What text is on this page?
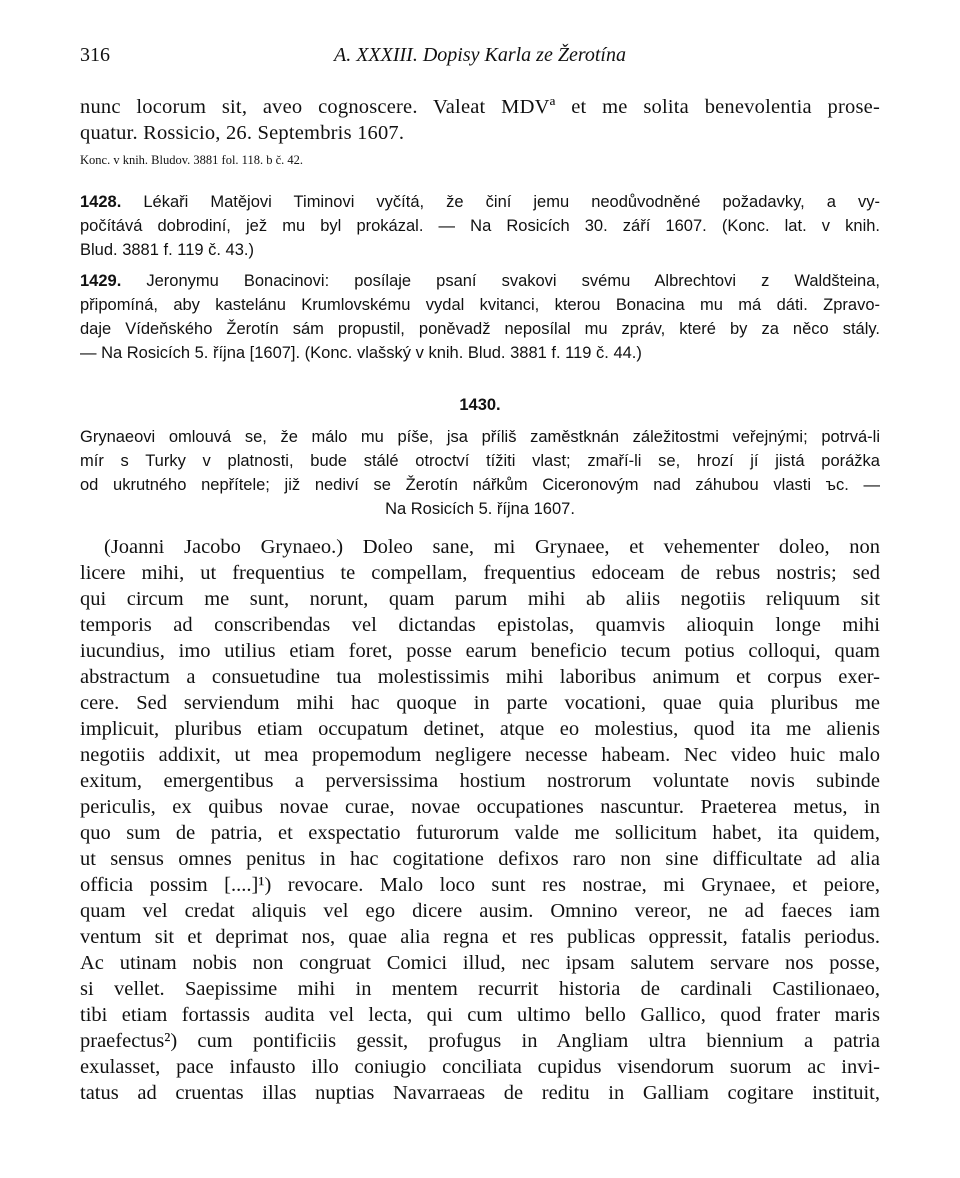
316	A. XXXIII. Dopisy Karla ze Žerotína
nunc locorum sit, aveo cognoscere. Valeat MDVª et me solita benevolentia prose-
quatur. Rossicio, 26. Septembris 1607.
Konc. v knih. Bludov. 3881 fol. 118. b č. 42.
1428. Lékaři Matějovi Timinovi vyčítá, že činí jemu neodůvodněné požadavky, a vy-
počítává dobrodiní, jež mu byl prokázal. — Na Rosicích 30. září 1607. (Konc. lat. v knih.
Blud. 3881 f. 119 č. 43.)
1429. Jeronymu Bonacinovi: posílaje psaní svakovi svému Albrechtovi z Waldšteina,
připomíná, aby kastelánu Krumlovskému vydal kvitanci, kterou Bonacina mu má dáti. Zpravo-
daje Vídeňského Žerotín sám propustil, poněvadž neposílal mu zpráv, které by za něco stály.
— Na Rosicích 5. října [1607]. (Konc. vlašský v knih. Blud. 3881 f. 119 č. 44.)
1430.
Grynaeovi omlouvá se, že málo mu píše, jsa příliš zaměstknán záležitostmi veřejnými; potrvá-li
mír s Turky v platnosti, bude stálé otroctví tížiti vlast; zmaří-li se, hrozí jí jistá porážka
od ukrutného nepřítele; již nediví se Žerotín nářkům Ciceronovým nad záhubou vlasti ъc. —
Na Rosicích 5. října 1607.
(Joanni Jacobo Grynaeo.) Doleo sane, mi Grynaee, et vehementer doleo, non
licere mihi, ut frequentius te compellam, frequentius edoceam de rebus nostris; sed
qui circum me sunt, norunt, quam parum mihi ab aliis negotiis reliquum sit
temporis ad conscribendas vel dictandas epistolas, quamvis alioquin longe mihi
iucundius, imo utilius etiam foret, posse earum beneficio tecum potius colloqui, quam
abstractum a consuetudine tua molestissimis mihi laboribus animum et corpus exer-
cere. Sed serviendum mihi hac quoque in parte vocationi, quae quia pluribus me
implicuit, pluribus etiam occupatum detinet, atque eo molestius, quod ita me alienis
negotiis addixit, ut mea propemodum negligere necesse habeam. Nec video huic malo
exitum, emergentibus a perversissima hostium nostrorum voluntate novis subinde
periculis, ex quibus novae curae, novae occupationes nascuntur. Praeterea metus, in
quo sum de patria, et exspectatio futurorum valde me sollicitum habet, ita quidem,
ut sensus omnes penitus in hac cogitatione defixos raro non sine difficultate ad alia
officia possim [....]¹) revocare. Malo loco sunt res nostrae, mi Grynaee, et peiore,
quam vel credat aliquis vel ego dicere ausim. Omnino vereor, ne ad faeces iam
ventum sit et deprimat nos, quae alia regna et res publicas oppressit, fatalis periodus.
Ac utinam nobis non congruat Comici illud, nec ipsam salutem servare nos posse,
si vellet. Saepissime mihi in mentem recurrit historia de cardinali Castilionaeo,
tibi etiam fortassis audita vel lecta, qui cum ultimo bello Gallico, quod frater maris
praefectus²) cum pontificiis gessit, profugus in Angliam ultra biennium a patria
exulasset, pace infausto illo coniugio conciliata cupidus visendorum suorum ac invi-
tatus ad cruentas illas nuptias Navarraeas de reditu in Galliam cogitare instituit,
